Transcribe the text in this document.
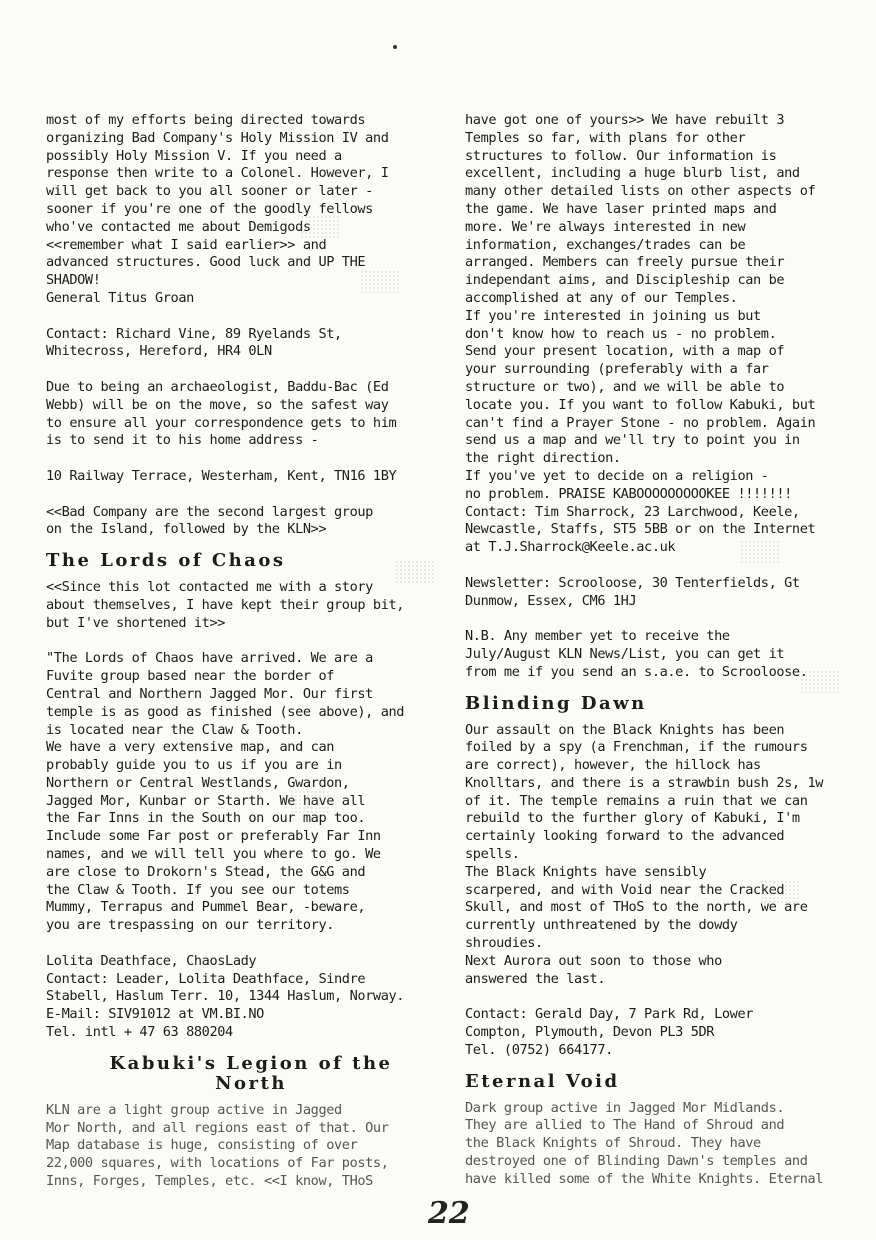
most of my efforts being directed towards
organizing Bad Company's Holy Mission IV and
possibly Holy Mission V. If you need a
response then write to a Colonel. However, I
will get back to you all sooner or later -
sooner if you're one of the goodly fellows
who've contacted me about Demigods
<<remember what I said earlier>> and
advanced structures. Good luck and UP THE
SHADOW!
General Titus Groan

Contact: Richard Vine, 89 Ryelands St,
Whitecross, Hereford, HR4 0LN

Due to being an archaeologist, Baddu-Bac (Ed
Webb) will be on the move, so the safest way
to ensure all your correspondence gets to him
is to send it to his home address -

10 Railway Terrace, Westerham, Kent, TN16 1BY

<<Bad Company are the second largest group
on the Island, followed by the KLN>>

The Lords of Chaos

<<Since this lot contacted me with a story
about themselves, I have kept their group bit,
but I've shortened it>>

"The Lords of Chaos have arrived. We are a
Fuvite group based near the border of
Central and Northern Jagged Mor. Our first
temple is as good as finished (see above), and
is located near the Claw & Tooth.
We have a very extensive map, and can
probably guide you to us if you are in
Northern or Central Westlands, Gwardon,
Jagged Mor, Kunbar or Starth. We have all
the Far Inns in the South on our map too.
Include some Far post or preferably Far Inn
names, and we will tell you where to go. We
are close to Drokorn's Stead, the G&G and
the Claw & Tooth. If you see our totems
Mummy, Terrapus and Pummel Bear, -beware,
you are trespassing on our territory.

Lolita Deathface, ChaosLady
Contact: Leader, Lolita Deathface, Sindre
Stabell, Haslum Terr. 10, 1344 Haslum, Norway.
E-Mail: SIV91012 at VM.BI.NO
Tel. intl + 47 63 880204

Kabuki's Legion of the
North

KLN are a light group active in Jagged
Mor North, and all regions east of that. Our
Map database is huge, consisting of over
22,000 squares, with locations of Far posts,
Inns, Forges, Temples, etc. <<I know, THoS

have got one of yours>> We have rebuilt 3
Temples so far, with plans for other
structures to follow. Our information is
excellent, including a huge blurb list, and
many other detailed lists on other aspects of
the game. We have laser printed maps and
more. We're always interested in new
information, exchanges/trades can be
arranged. Members can freely pursue their
independant aims, and Discipleship can be
accomplished at any of our Temples.
If you're interested in joining us but
don't know how to reach us - no problem.
Send your present location, with a map of
your surrounding (preferably with a far
structure or two), and we will be able to
locate you. If you want to follow Kabuki, but
can't find a Prayer Stone - no problem. Again
send us a map and we'll try to point you in
the right direction.
If you've yet to decide on a religion -
no problem. PRAISE KABOOOOOOOOOKEE !!!!!!!
Contact: Tim Sharrock, 23 Larchwood, Keele,
Newcastle, Staffs, ST5 5BB or on the Internet
at T.J.Sharrock@Keele.ac.uk

Newsletter: Scrooloose, 30 Tenterfields, Gt
Dunmow, Essex, CM6 1HJ

N.B. Any member yet to receive the
July/August KLN News/List, you can get it
from me if you send an s.a.e. to Scrooloose.

Blinding Dawn

Our assault on the Black Knights has been
foiled by a spy (a Frenchman, if the rumours
are correct), however, the hillock has
Knolltars, and there is a strawbin bush 2s, 1w
of it. The temple remains a ruin that we can
rebuild to the further glory of Kabuki, I'm
certainly looking forward to the advanced
spells.
The Black Knights have sensibly
scarpered, and with Void near the Cracked
Skull, and most of THoS to the north, we are
currently unthreatened by the dowdy
shroudies.
Next Aurora out soon to those who
answered the last.

Contact: Gerald Day, 7 Park Rd, Lower
Compton, Plymouth, Devon PL3 5DR
Tel. (0752) 664177.

Eternal Void

Dark group active in Jagged Mor Midlands.
They are allied to The Hand of Shroud and
the Black Knights of Shroud. They have
destroyed one of Blinding Dawn's temples and
have killed some of the White Knights. Eternal

22
